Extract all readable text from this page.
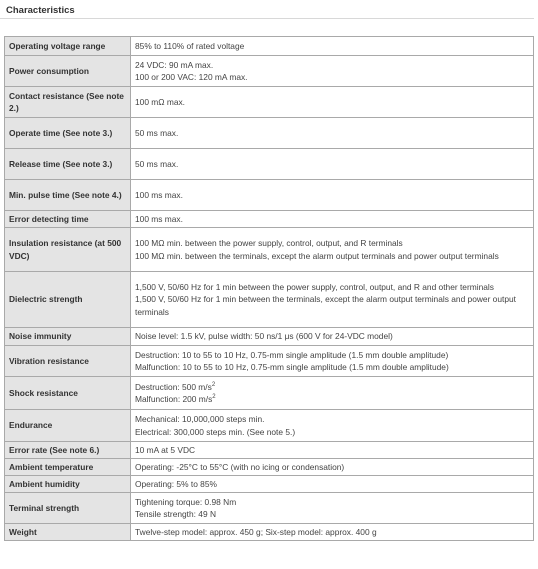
Characteristics
Operating voltage range	85% to 110% of rated voltage

Power consumption	24 VDC: 90 mA max.
100 or 200 VAC: 120 mA max.

Contact resistance (See note 2.)	100 mΩ max.

Operate time (See note 3.)	50 ms max.

Release time (See note 3.)	50 ms max.

Min. pulse time (See note 4.)	100 ms max.

Error detecting time	100 ms max.

Insulation resistance (at 500 VDC)	100 MΩ min. between the power supply, control, output, and R terminals
100 MΩ min. between the terminals, except the alarm output terminals and power output terminals

Dielectric strength	1,500 V, 50/60 Hz for 1 min between the power supply, control, output, and R and other terminals
1,500 V, 50/60 Hz for 1 min between the terminals, except the alarm output terminals and power output terminals

Noise immunity	Noise level: 1.5 kV, pulse width: 50 ns/1 μs (600 V for 24-VDC model)

Vibration resistance	Destruction: 10 to 55 to 10 Hz, 0.75-mm single amplitude (1.5 mm double amplitude)
Malfunction: 10 to 55 to 10 Hz, 0.75-mm single amplitude (1.5 mm double amplitude)

Shock resistance	Destruction: 500 $m/s^2$
Malfunction: 200 $m/s^2$

Endurance	Mechanical: 10,000,000 steps min.
Electrical: 300,000 steps min. (See note 5.)

Error rate (See note 6.)	10 mA at 5 VDC

Ambient temperature	Operating: -25°C to 55°C (with no icing or condensation)

Ambient humidity	Operating: 5% to 85%

Terminal strength	Tightening torque: 0.98 Nm
Tensile strength: 49 N

Weight	Twelve-step model: approx. 450 g; Six-step model: approx. 400 g
